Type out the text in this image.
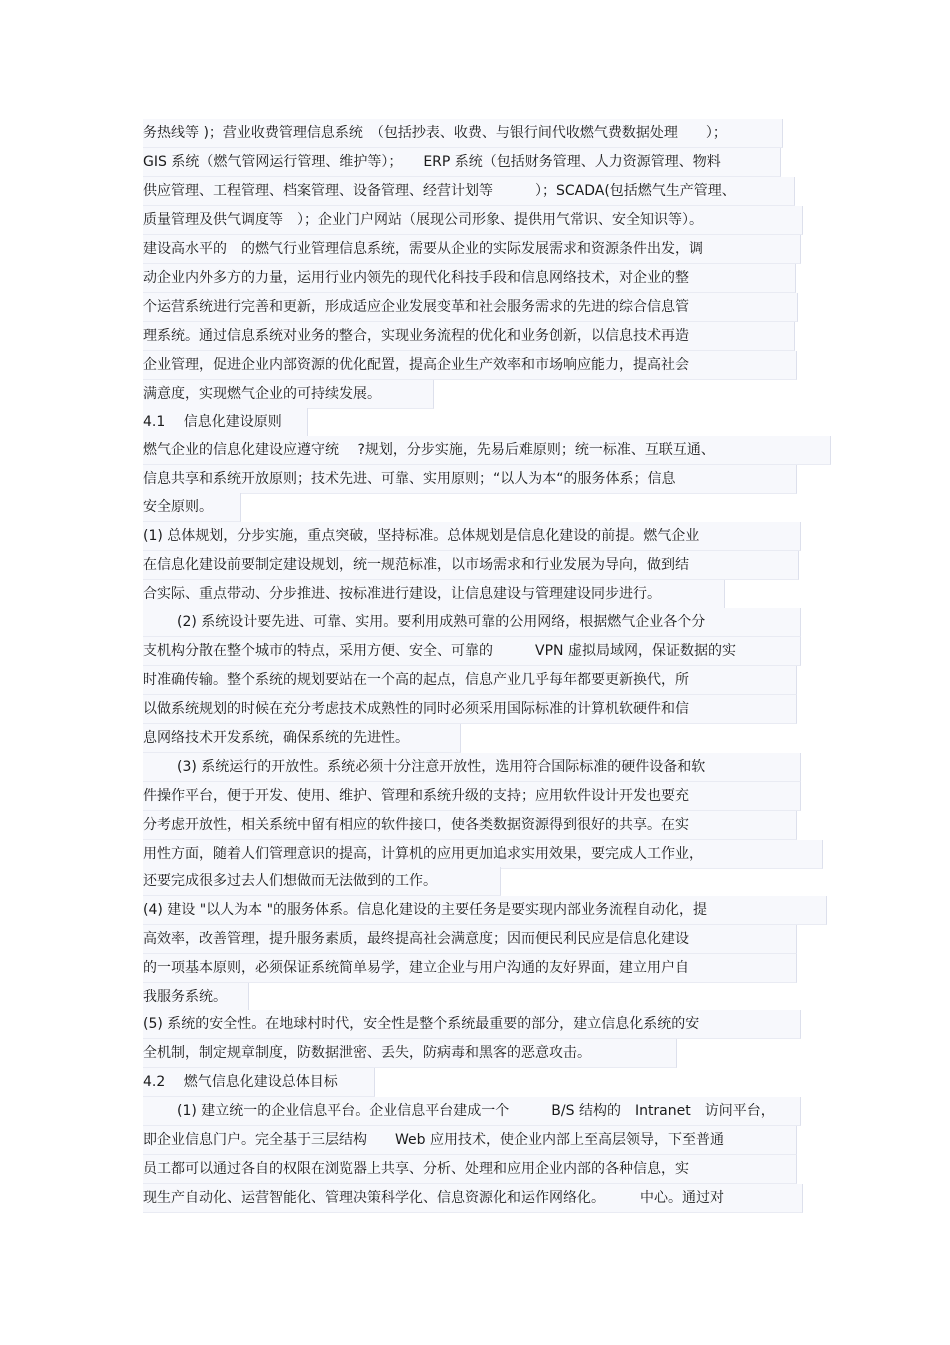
务热线等 )；营业收费管理信息系统　（包括抄表、收费、与银行间代收燃气费数据处理　　）；
GIS 系统（燃气管网运行管理、维护等）；　　ERP 系统（包括财务管理、人力资源管理、物料
供应管理、工程管理、档案管理、设备管理、经营计划等　　　）；SCADA(包括燃气生产管理、
质量管理及供气调度等　）；企业门户网站（展现公司形象、提供用气常识、安全知识等）。
建设高水平的　的燃气行业管理信息系统，需要从企业的实际发展需求和资源条件出发，调
动企业内外多方的力量，运用行业内领先的现代化科技手段和信息网络技术，对企业的整
个运营系统进行完善和更新，形成适应企业发展变革和社会服务需求的先进的综合信息管
理系统。通过信息系统对业务的整合，实现业务流程的优化和业务创新，以信息技术再造
企业管理，促进企业内部资源的优化配置，提高企业生产效率和市场响应能力，提高社会
满意度，实现燃气企业的可持续发展。
4.1　 信息化建设原则
燃气企业的信息化建设应遵守统　 ?规划，分步实施，先易后难原则；统一标准、互联互通、
信息共享和系统开放原则；技术先进、可靠、实用原则；“以人为本“的服务体系；信息
安全原则。
(1) 总体规划，分步实施，重点突破，坚持标准。总体规划是信息化建设的前提。燃气企业
在信息化建设前要制定建设规划，统一规范标准，以市场需求和行业发展为导向，做到结
合实际、重点带动、分步推进、按标准进行建设，让信息建设与管理建设同步进行。
(2) 系统设计要先进、可靠、实用。要利用成熟可靠的公用网络，根据燃气企业各个分
支机构分散在整个城市的特点，采用方便、安全、可靠的　　　VPN 虚拟局域网，保证数据的实
时准确传输。整个系统的规划要站在一个高的起点，信息产业几乎每年都要更新换代，所
以做系统规划的时候在充分考虑技术成熟性的同时必须采用国际标准的计算机软硬件和信
息网络技术开发系统，确保系统的先进性。
(3) 系统运行的开放性。系统必须十分注意开放性，选用符合国际标准的硬件设备和软
件操作平台，便于开发、使用、维护、管理和系统升级的支持；应用软件设计开发也要充
分考虑开放性，相关系统中留有相应的软件接口，使各类数据资源得到很好的共享。在实
用性方面，随着人们管理意识的提高，计算机的应用更加追求实用效果，要完成人工作业，
还要完成很多过去人们想做而无法做到的工作。
(4) 建设 "以人为本 "的服务体系。信息化建设的主要任务是要实现内部业务流程自动化，提
高效率，改善管理，提升服务素质，最终提高社会满意度；因而便民利民应是信息化建设
的一项基本原则，必须保证系统简单易学，建立企业与用户沟通的友好界面，建立用户自
我服务系统。
(5) 系统的安全性。在地球村时代，安全性是整个系统最重要的部分，建立信息化系统的安
全机制，制定规章制度，防数据泄密、丢失，防病毒和黑客的恶意攻击。
4.2　 燃气信息化建设总体目标
(1) 建立统一的企业信息平台。企业信息平台建成一个　　　B/S 结构的　Intranet　访问平台，
即企业信息门户。完全基于三层结构　　Web 应用技术，使企业内部上至高层领导，下至普通
员工都可以通过各自的权限在浏览器上共享、分析、处理和应用企业内部的各种信息，实
现生产自动化、运营智能化、管理决策科学化、信息资源化和运作网络化。　　　中心。通过对
